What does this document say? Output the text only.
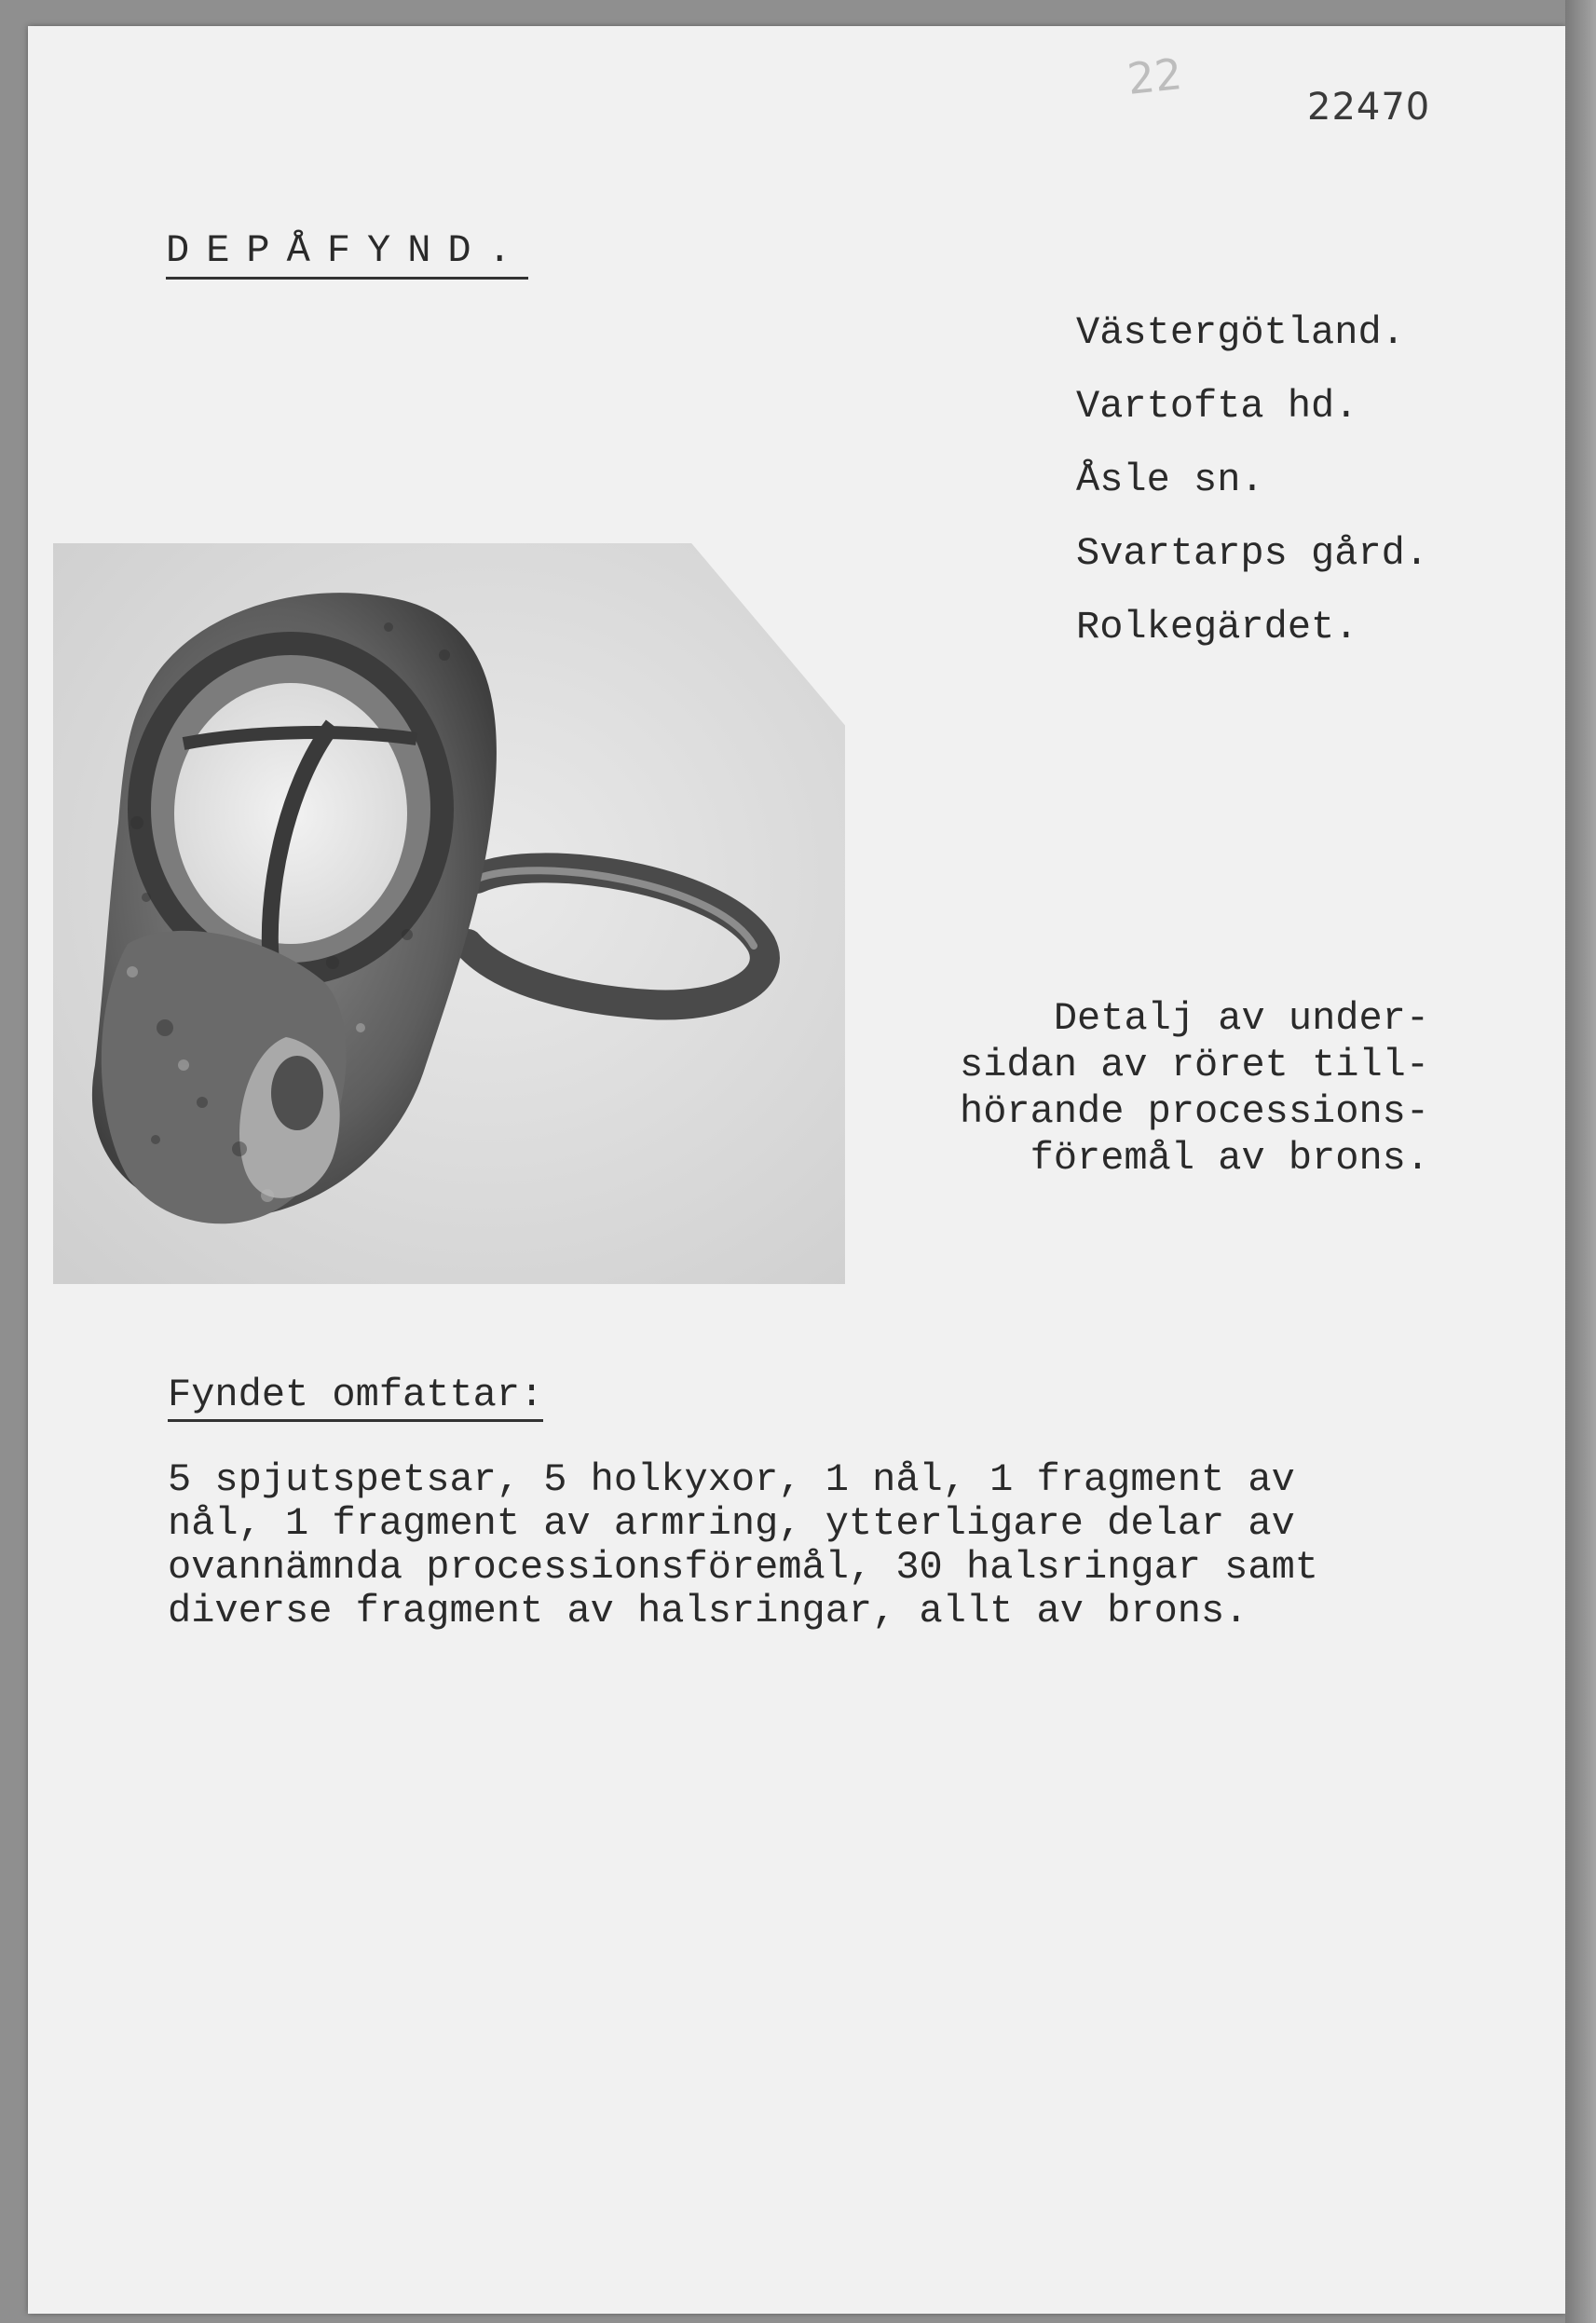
22
22470
DEPÅFYND.
Västergötland.
Vartofta hd.
Åsle sn.
Svartarps gård.
Rolkegärdet.
Detalj av under-
sidan av röret till-
hörande processions-
föremål av brons.
Fyndet omfattar:
5 spjutspetsar, 5 holkyxor, 1 nål, 1 fragment av
nål, 1 fragment av armring, ytterligare delar av
ovannämnda processionsföremål, 30 halsringar samt
diverse fragment av halsringar, allt av brons.
